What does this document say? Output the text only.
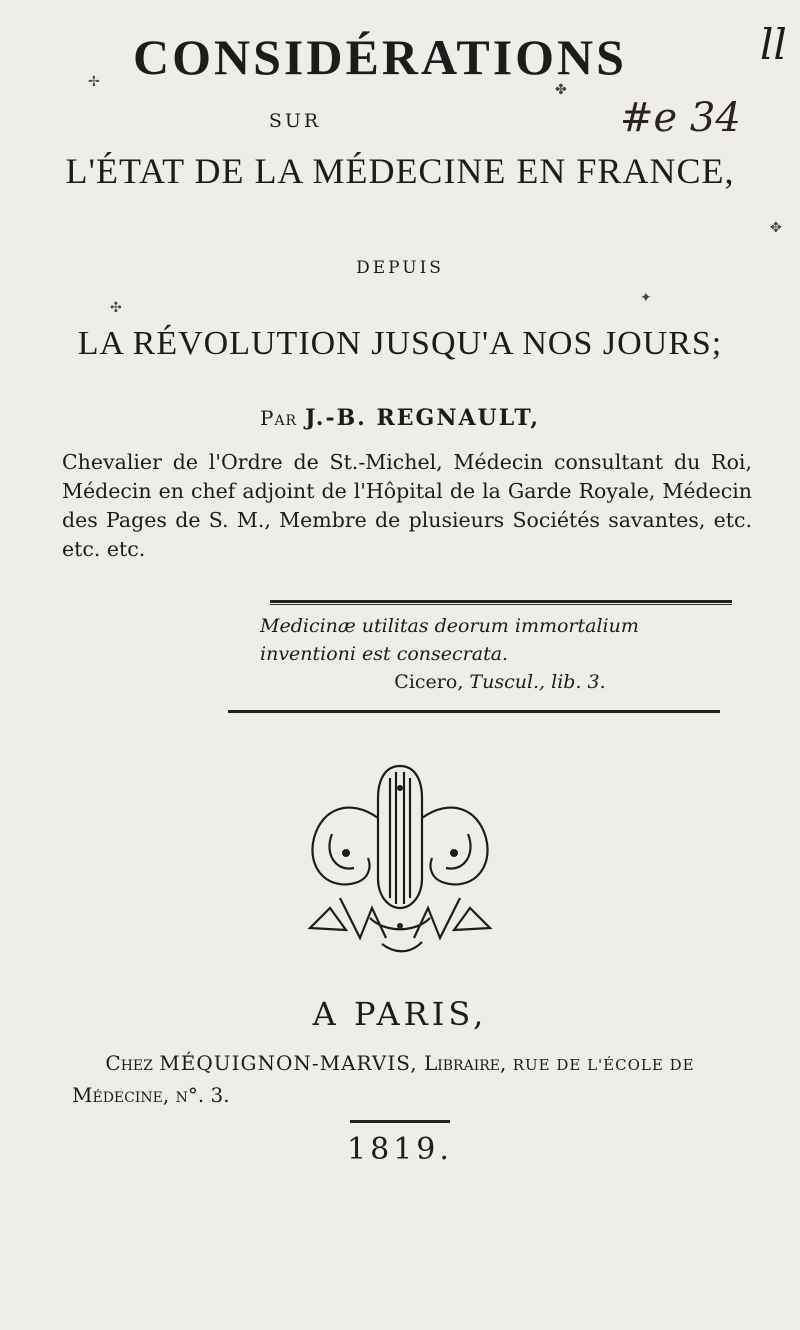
ll
CONSIDÉRATIONS
SUR	#e 34
L'ÉTAT DE LA MÉDECINE EN FRANCE,
DEPUIS
LA RÉVOLUTION JUSQU'A NOS JOURS;
Par J.-B. REGNAULT,
Chevalier de l'Ordre de St.-Michel, Médecin consultant du Roi, Médecin en chef adjoint de l'Hôpital de la Garde Royale, Médecin des Pages de S. M., Membre de plusieurs Sociétés savantes, etc. etc. etc.
Medicinæ utilitas deorum immortalium
inventioni est consecrata.
Cicero, Tuscul., lib. 3.
A PARIS,
Chez MÉQUIGNON-MARVIS, Libraire, RUE DE L'ÉCOLE DE
Médecine, n°. 3.
1819.
✢	✤
✣
✦
✥
